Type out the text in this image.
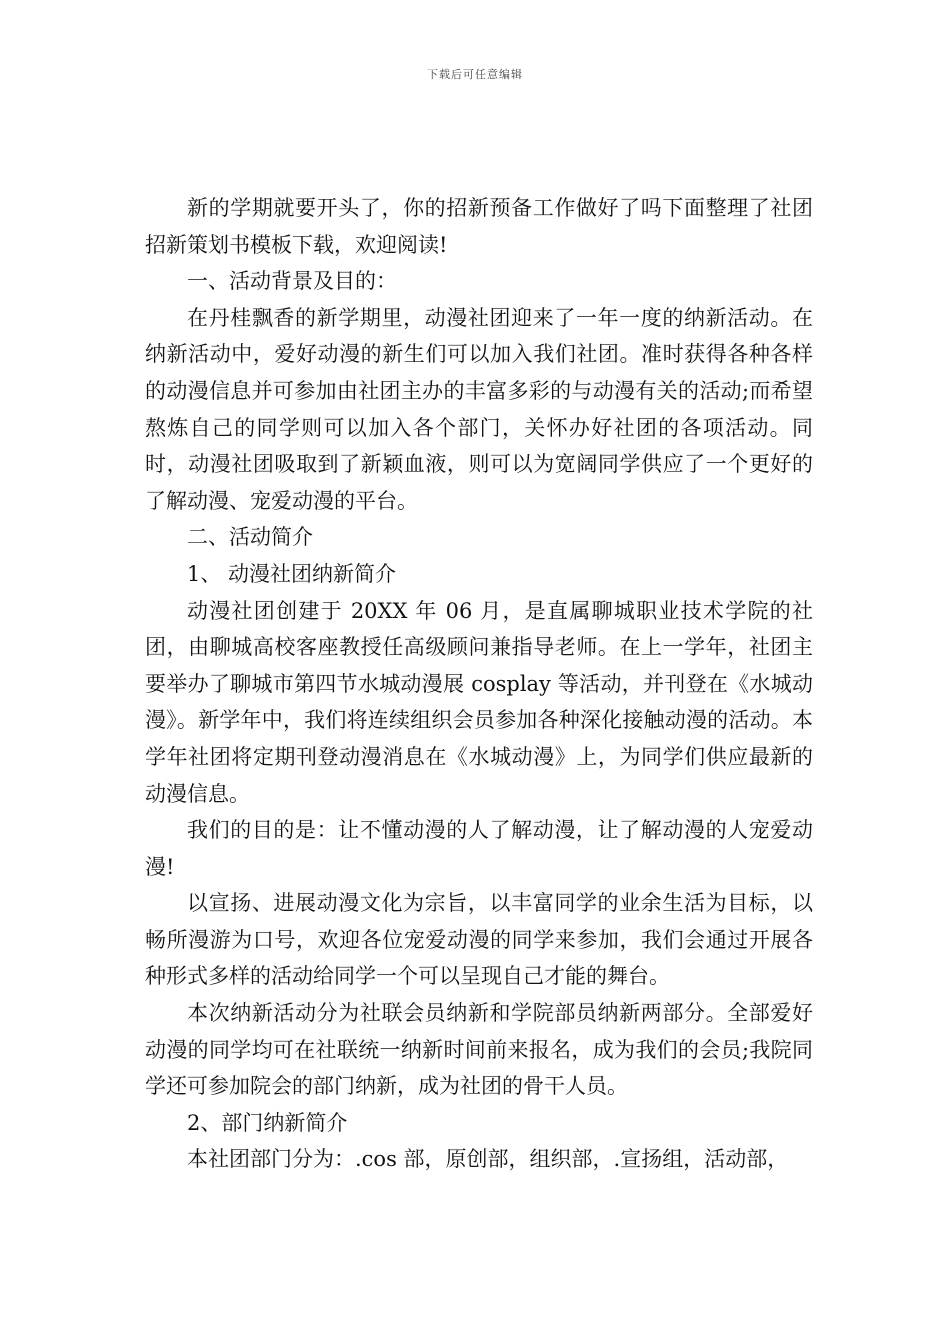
下载后可任意编辑

新的学期就要开头了，你的招新预备工作做好了吗下面整理了社团招新策划书模板下载，欢迎阅读!

一、活动背景及目的：

在丹桂飘香的新学期里，动漫社团迎来了一年一度的纳新活动。在纳新活动中，爱好动漫的新生们可以加入我们社团。准时获得各种各样的动漫信息并可参加由社团主办的丰富多彩的与动漫有关的活动;而希望熬炼自己的同学则可以加入各个部门，关怀办好社团的各项活动。同时，动漫社团吸取到了新颖血液，则可以为宽阔同学供应了一个更好的了解动漫、宠爱动漫的平台。

二、活动简介

1、 动漫社团纳新简介

动漫社团创建于 20XX 年 06 月，是直属聊城职业技术学院的社团，由聊城高校客座教授任高级顾问兼指导老师。在上一学年，社团主要举办了聊城市第四节水城动漫展 cosplay 等活动，并刊登在《水城动漫》。新学年中，我们将连续组织会员参加各种深化接触动漫的活动。本学年社团将定期刊登动漫消息在《水城动漫》上，为同学们供应最新的动漫信息。

我们的目的是：让不懂动漫的人了解动漫，让了解动漫的人宠爱动漫!

以宣扬、进展动漫文化为宗旨，以丰富同学的业余生活为目标，以畅所漫游为口号，欢迎各位宠爱动漫的同学来参加，我们会通过开展各种形式多样的活动给同学一个可以呈现自己才能的舞台。

本次纳新活动分为社联会员纳新和学院部员纳新两部分。全部爱好动漫的同学均可在社联统一纳新时间前来报名，成为我们的会员;我院同学还可参加院会的部门纳新，成为社团的骨干人员。

2、部门纳新简介

本社团部门分为：.cos 部，原创部，组织部，.宣扬组，活动部，
